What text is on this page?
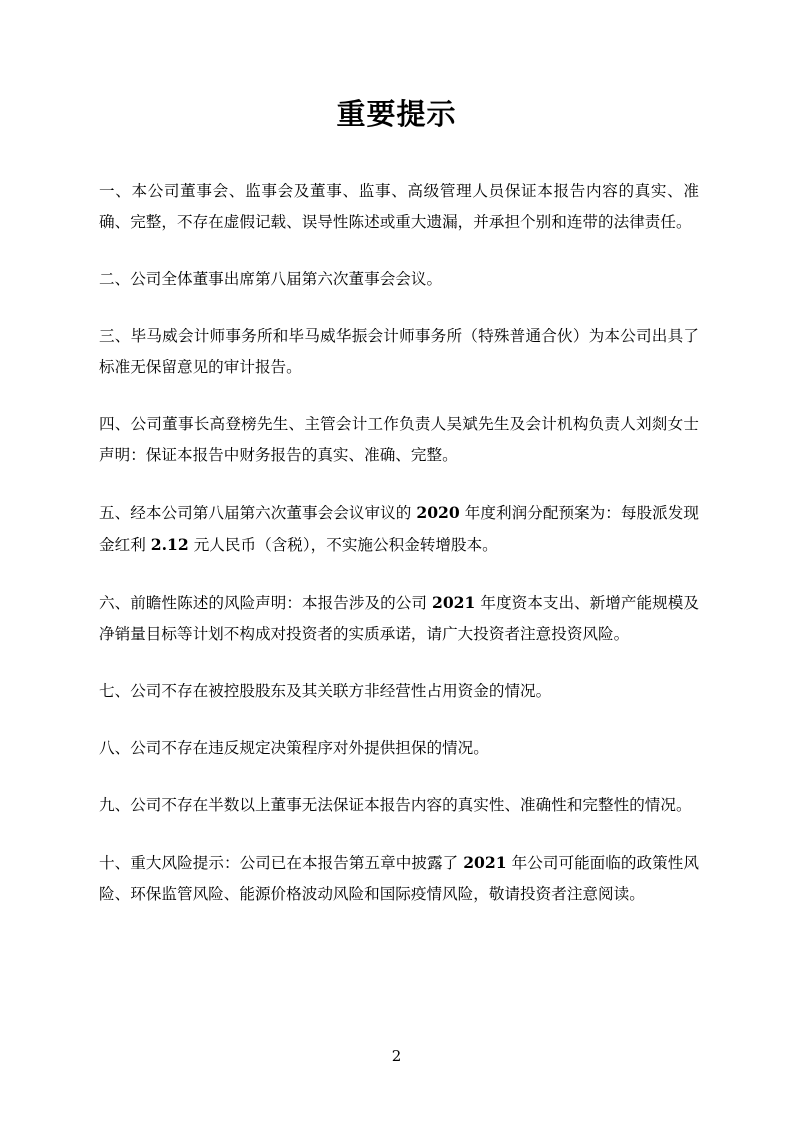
重要提示

一、本公司董事会、监事会及董事、监事、高级管理人员保证本报告内容的真实、准确、完整，不存在虚假记载、误导性陈述或重大遗漏，并承担个别和连带的法律责任。

二、公司全体董事出席第八届第六次董事会会议。

三、毕马威会计师事务所和毕马威华振会计师事务所（特殊普通合伙）为本公司出具了标准无保留意见的审计报告。

四、公司董事长高登榜先生、主管会计工作负责人吴斌先生及会计机构负责人刘剡女士声明：保证本报告中财务报告的真实、准确、完整。

五、经本公司第八届第六次董事会会议审议的 2020 年度利润分配预案为：每股派发现金红利 2.12 元人民币（含税），不实施公积金转增股本。

六、前瞻性陈述的风险声明：本报告涉及的公司 2021 年度资本支出、新增产能规模及净销量目标等计划不构成对投资者的实质承诺，请广大投资者注意投资风险。

七、公司不存在被控股股东及其关联方非经营性占用资金的情况。

八、公司不存在违反规定决策程序对外提供担保的情况。

九、公司不存在半数以上董事无法保证本报告内容的真实性、准确性和完整性的情况。

十、重大风险提示：公司已在本报告第五章中披露了 2021 年公司可能面临的政策性风险、环保监管风险、能源价格波动风险和国际疫情风险，敬请投资者注意阅读。

2
